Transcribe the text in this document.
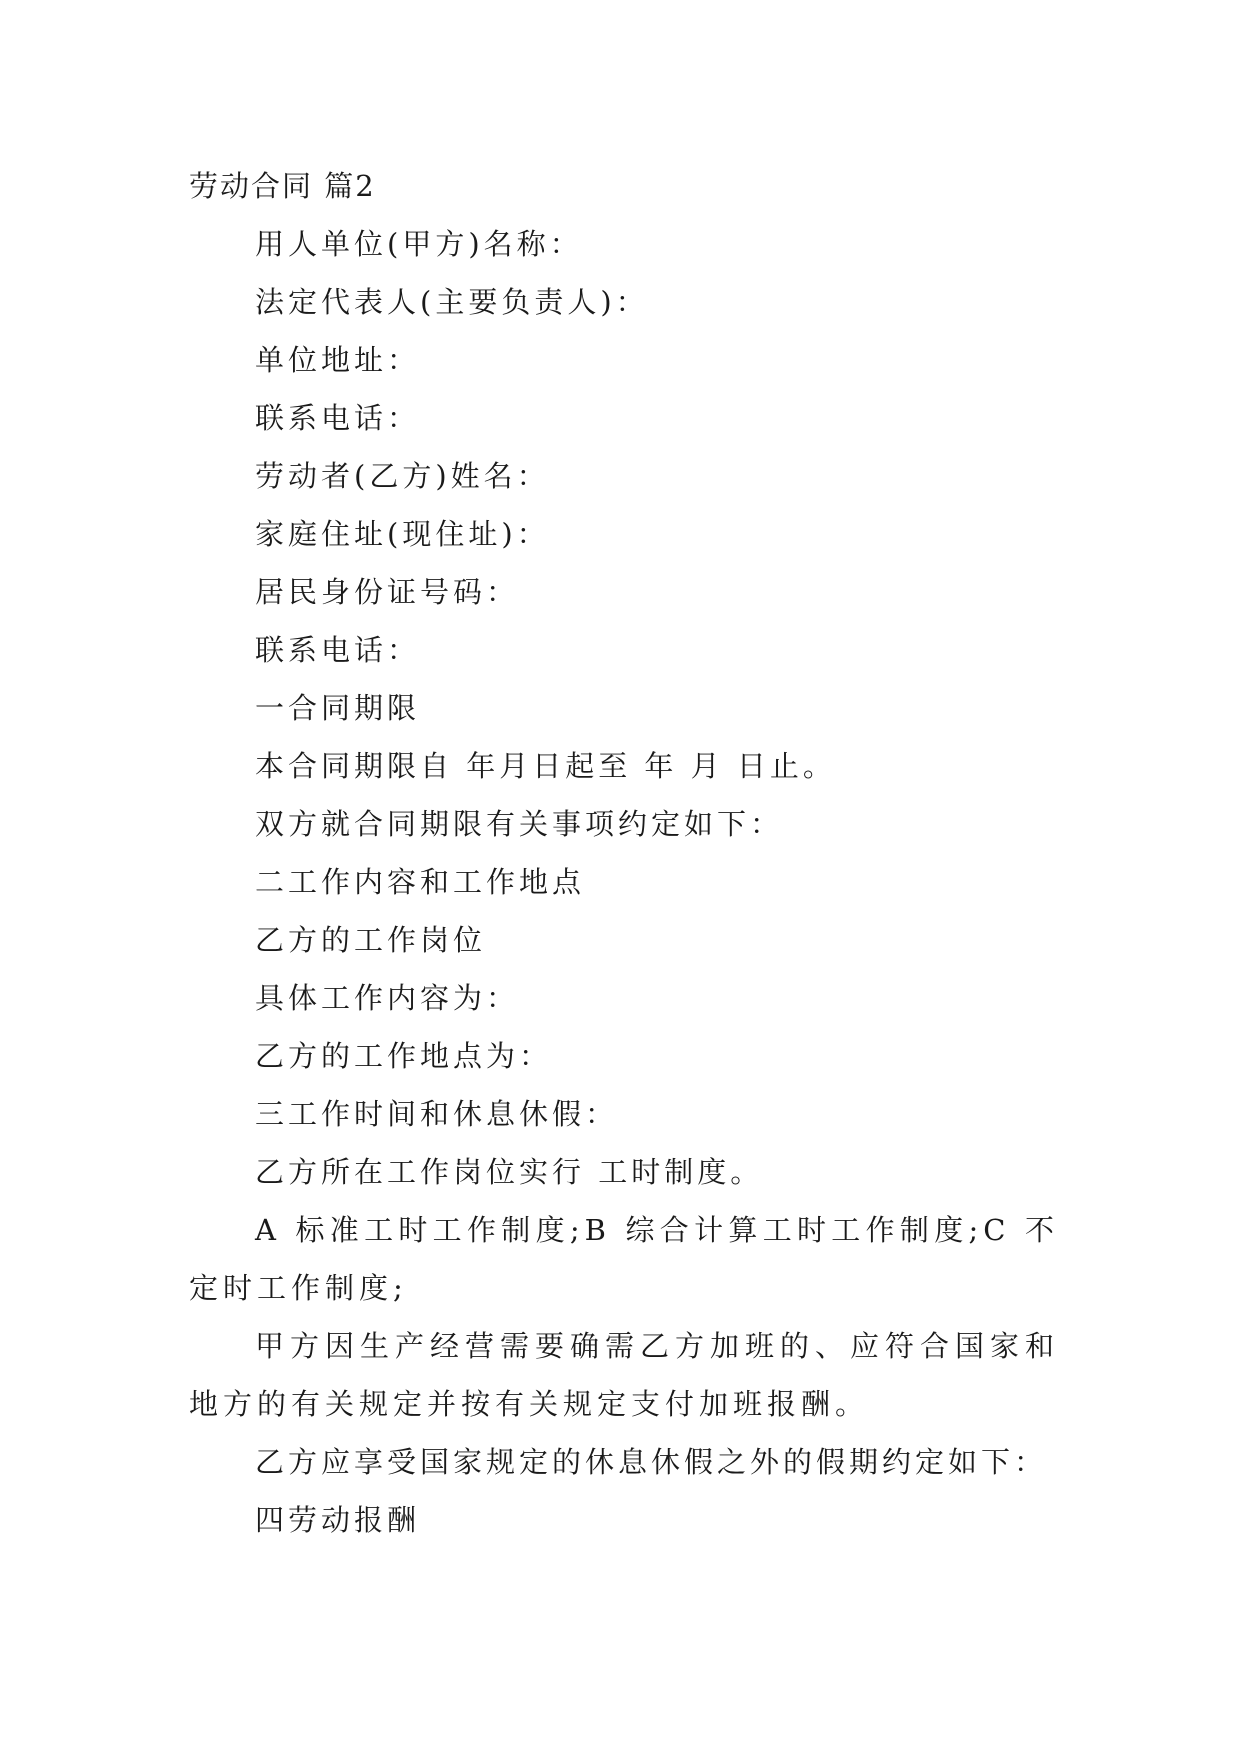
劳动合同 篇2
用人单位(甲方)名称：
法定代表人(主要负责人)：
单位地址：
联系电话：
劳动者(乙方)姓名：
家庭住址(现住址)：
居民身份证号码：
联系电话：
一合同期限
本合同期限自 年月日起至 年 月 日止。
双方就合同期限有关事项约定如下：
二工作内容和工作地点
乙方的工作岗位
具体工作内容为：
乙方的工作地点为：
三工作时间和休息休假：
乙方所在工作岗位实行 工时制度。
A 标准工时工作制度;B 综合计算工时工作制度;C 不定时工作制度;
甲方因生产经营需要确需乙方加班的、应符合国家和地方的有关规定并按有关规定支付加班报酬。
乙方应享受国家规定的休息休假之外的假期约定如下：
四劳动报酬
